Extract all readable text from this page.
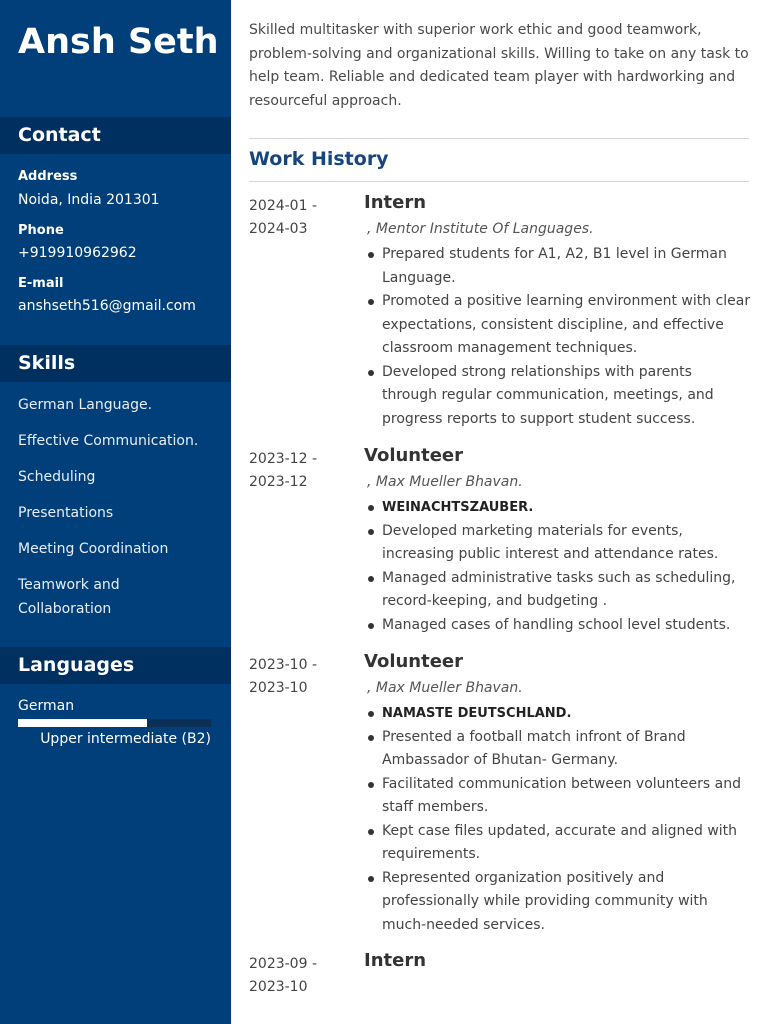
Ansh Seth
Contact
Address
Noida, India 201301
Phone
+919910962962
E-mail
anshseth516@gmail.com
Skills
German Language.
Effective Communication.
Scheduling
Presentations
Meeting Coordination
Teamwork and Collaboration
Languages
German
Upper intermediate (B2)
Skilled multitasker with superior work ethic and good teamwork, problem-solving and organizational skills. Willing to take on any task to help team. Reliable and dedicated team player with hardworking and resourceful approach.
Work History
2024-01 -
2024-03
Intern
, Mentor Institute Of Languages.
Prepared students for A1, A2, B1 level in German Language.
Promoted a positive learning environment with clear expectations, consistent discipline, and effective classroom management techniques.
Developed strong relationships with parents through regular communication, meetings, and progress reports to support student success.
2023-12 -
2023-12
Volunteer
, Max Mueller Bhavan.
WEINACHTSZAUBER.
Developed marketing materials for events, increasing public interest and attendance rates.
Managed administrative tasks such as scheduling, record-keeping, and budgeting .
Managed cases of handling school level students.
2023-10 -
2023-10
Volunteer
, Max Mueller Bhavan.
NAMASTE DEUTSCHLAND.
Presented a football match infront of Brand Ambassador of Bhutan- Germany.
Facilitated communication between volunteers and staff members.
Kept case files updated, accurate and aligned with requirements.
Represented organization positively and professionally while providing community with much-needed services.
2023-09 -
2023-10
Intern
